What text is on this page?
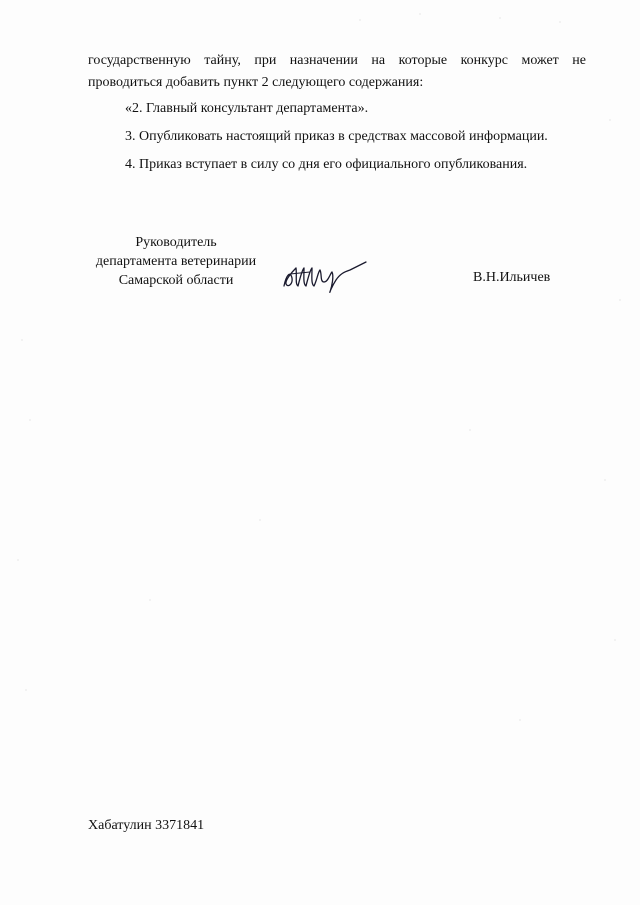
государственную тайну, при назначении на которые конкурс может не
проводиться добавить пункт 2 следующего содержания:
«2. Главный консультант департамента».
3. Опубликовать настоящий приказ в средствах массовой информации.
4. Приказ вступает в силу со дня его официального опубликования.
Руководитель
департамента ветеринарии
Самарской области	В.Н.Ильичев
Хабатулин 3371841
